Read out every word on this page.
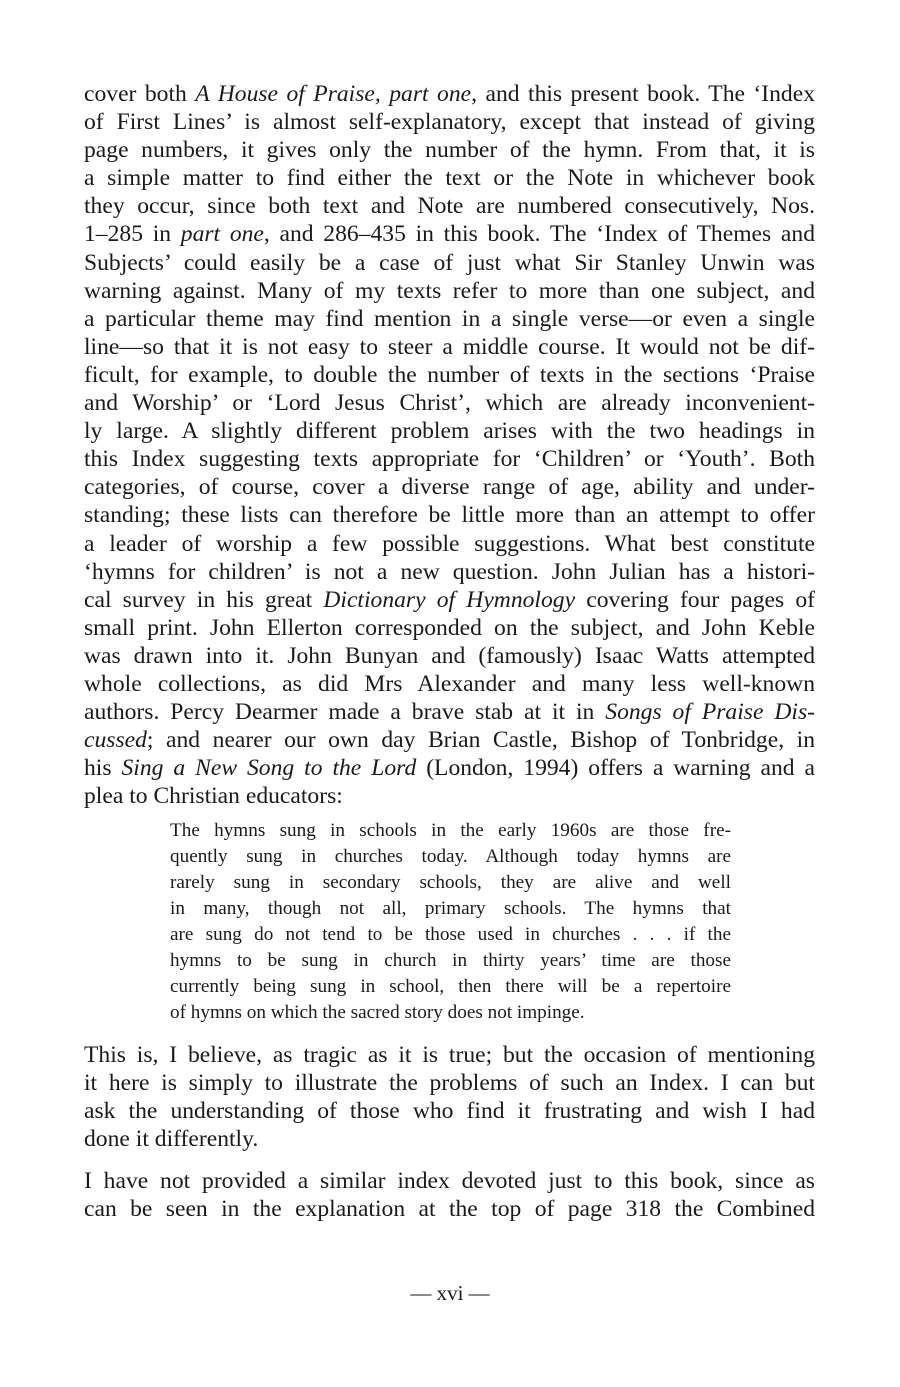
cover both A House of Praise, part one, and this present book. The ‘Index
of First Lines’ is almost self-explanatory, except that instead of giving
page numbers, it gives only the number of the hymn. From that, it is
a simple matter to find either the text or the Note in whichever book
they occur, since both text and Note are numbered consecutively, Nos.
1–285 in part one, and 286–435 in this book. The ‘Index of Themes and
Subjects’ could easily be a case of just what Sir Stanley Unwin was
warning against. Many of my texts refer to more than one subject, and
a particular theme may find mention in a single verse—or even a single
line—so that it is not easy to steer a middle course. It would not be dif-
ficult, for example, to double the number of texts in the sections ‘Praise
and Worship’ or ‘Lord Jesus Christ’, which are already inconvenient-
ly large. A slightly different problem arises with the two headings in
this Index suggesting texts appropriate for ‘Children’ or ‘Youth’. Both
categories, of course, cover a diverse range of age, ability and under-
standing; these lists can therefore be little more than an attempt to offer
a leader of worship a few possible suggestions. What best constitute
‘hymns for children’ is not a new question. John Julian has a histori-
cal survey in his great Dictionary of Hymnology covering four pages of
small print. John Ellerton corresponded on the subject, and John Keble
was drawn into it. John Bunyan and (famously) Isaac Watts attempted
whole collections, as did Mrs Alexander and many less well-known
authors. Percy Dearmer made a brave stab at it in Songs of Praise Dis-
cussed; and nearer our own day Brian Castle, Bishop of Tonbridge, in
his Sing a New Song to the Lord (London, 1994) offers a warning and a
plea to Christian educators:

The hymns sung in schools in the early 1960s are those fre-
quently sung in churches today. Although today hymns are
rarely sung in secondary schools, they are alive and well
in many, though not all, primary schools. The hymns that
are sung do not tend to be those used in churches . . . if the
hymns to be sung in church in thirty years’ time are those
currently being sung in school, then there will be a repertoire
of hymns on which the sacred story does not impinge.

This is, I believe, as tragic as it is true; but the occasion of mentioning
it here is simply to illustrate the problems of such an Index. I can but
ask the understanding of those who find it frustrating and wish I had
done it differently.

I have not provided a similar index devoted just to this book, since as
can be seen in the explanation at the top of page 318 the Combined

— xvi —
